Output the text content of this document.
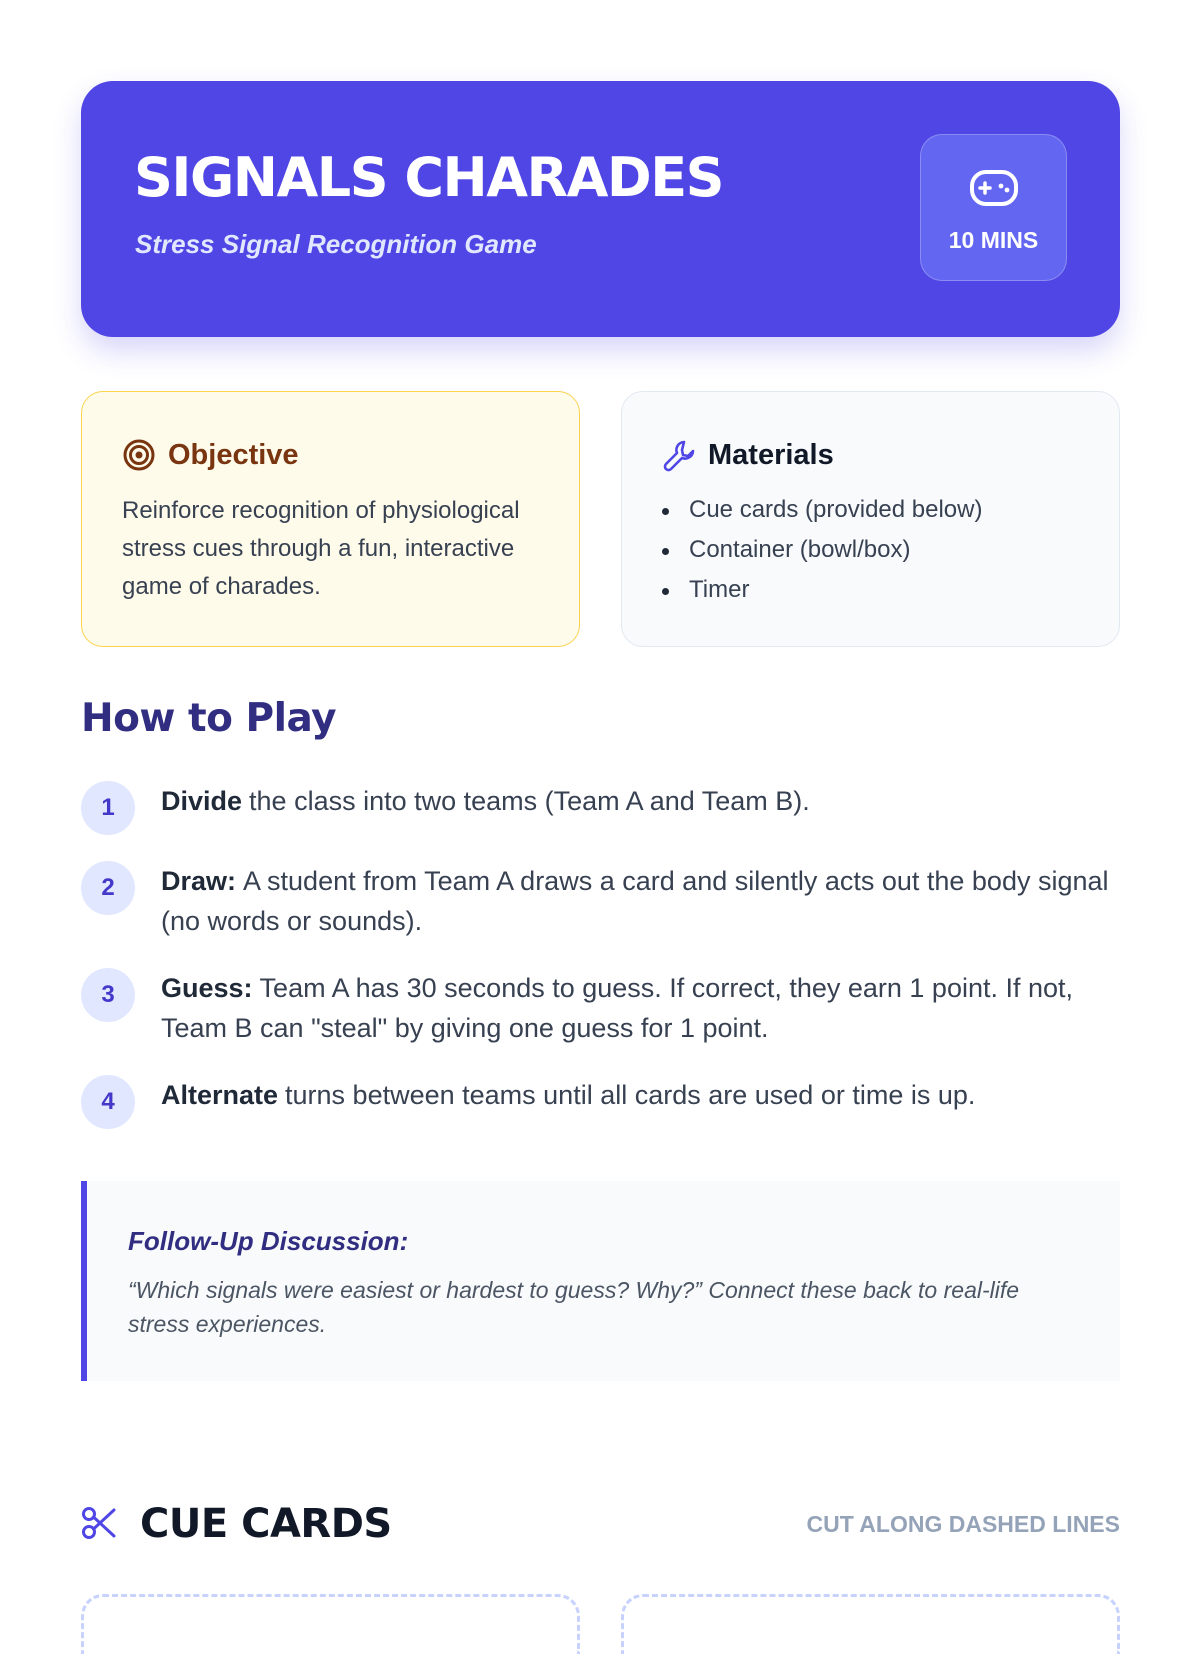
SIGNALS CHARADES
Stress Signal Recognition Game	10 MINS
Objective
Reinforce recognition of physiological stress cues through a fun, interactive game of charades.
Materials
Cue cards (provided below)
Container (bowl/box)
Timer
How to Play
1	Divide the class into two teams (Team A and Team B).
2	Draw: A student from Team A draws a card and silently acts out the body signal (no words or sounds).
3	Guess: Team A has 30 seconds to guess. If correct, they earn 1 point. If not, Team B can "steal" by giving one guess for 1 point.
4	Alternate turns between teams until all cards are used or time is up.
Follow-Up Discussion:
“Which signals were easiest or hardest to guess? Why?” Connect these back to real-life stress experiences.
CUE CARDS	CUT ALONG DASHED LINES
